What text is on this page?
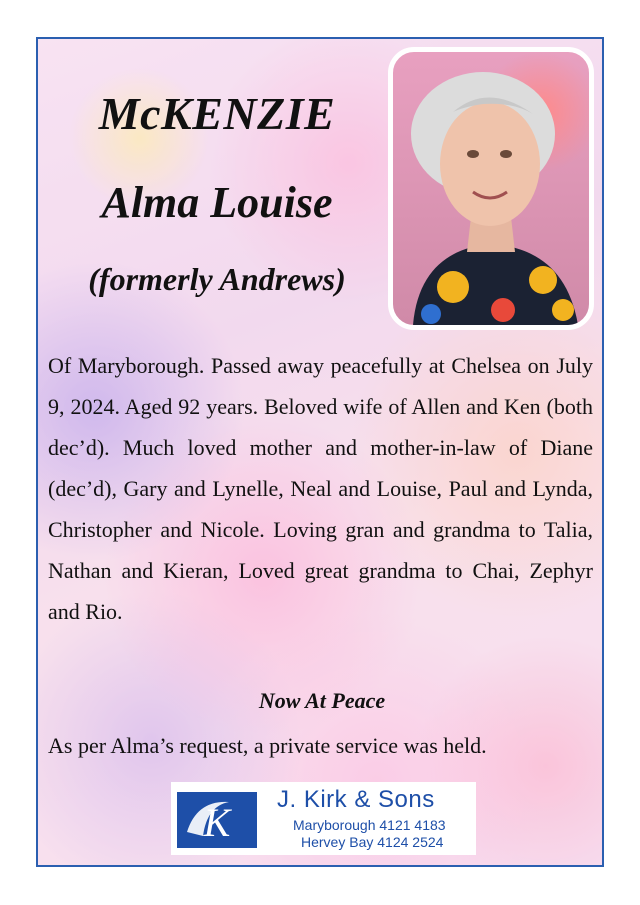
McKENZIE
Alma Louise
(formerly Andrews)
Of Maryborough. Passed away peacefully at Chelsea on July 9, 2024. Aged 92 years. Beloved wife of Allen and Ken (both dec’d). Much loved mother and mother-in-law of Diane (dec’d), Gary and Lynelle, Neal and Louise, Paul and Lynda, Christopher and Nicole. Loving gran and grandma to Talia, Nathan and Kieran, Loved great grandma to Chai, Zephyr and Rio.
Now At Peace
As per Alma’s request, a private service was held.
K
J. Kirk & Sons
Maryborough 4121 4183
Hervey Bay 4124 2524
